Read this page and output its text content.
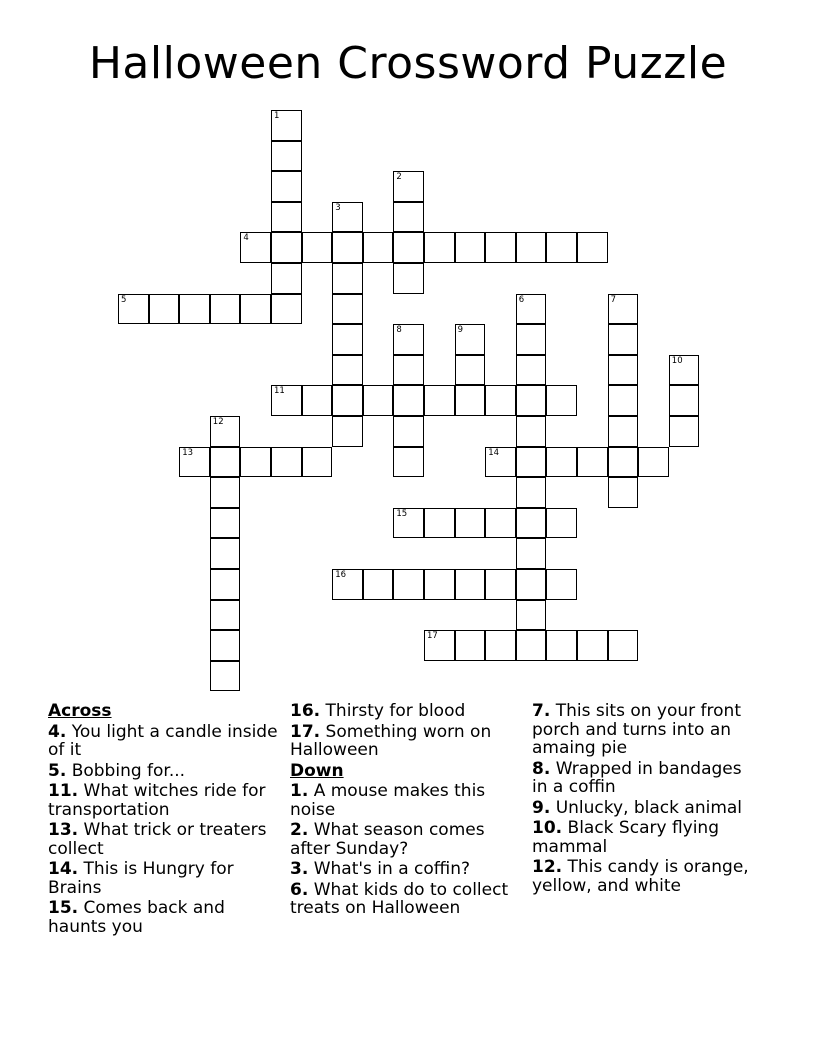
Halloween Crossword Puzzle
1
2
3
4
5	6	7
8	9
10
11
12
13	14
15
16
17
Across
4. You light a candle inside of it
5. Bobbing for...
11. What witches ride for transportation
13. What trick or treaters collect
14. This is Hungry for Brains
15. Comes back and haunts you
16. Thirsty for blood
17. Something worn on Halloween
Down
1. A mouse makes this noise
2. What season comes after Sunday?
3. What's in a coffin?
6. What kids do to collect treats on Halloween
7. This sits on your front porch and turns into an amaing pie
8. Wrapped in bandages in a coffin
9. Unlucky, black animal
10. Black Scary flying mammal
12. This candy is orange, yellow, and white
